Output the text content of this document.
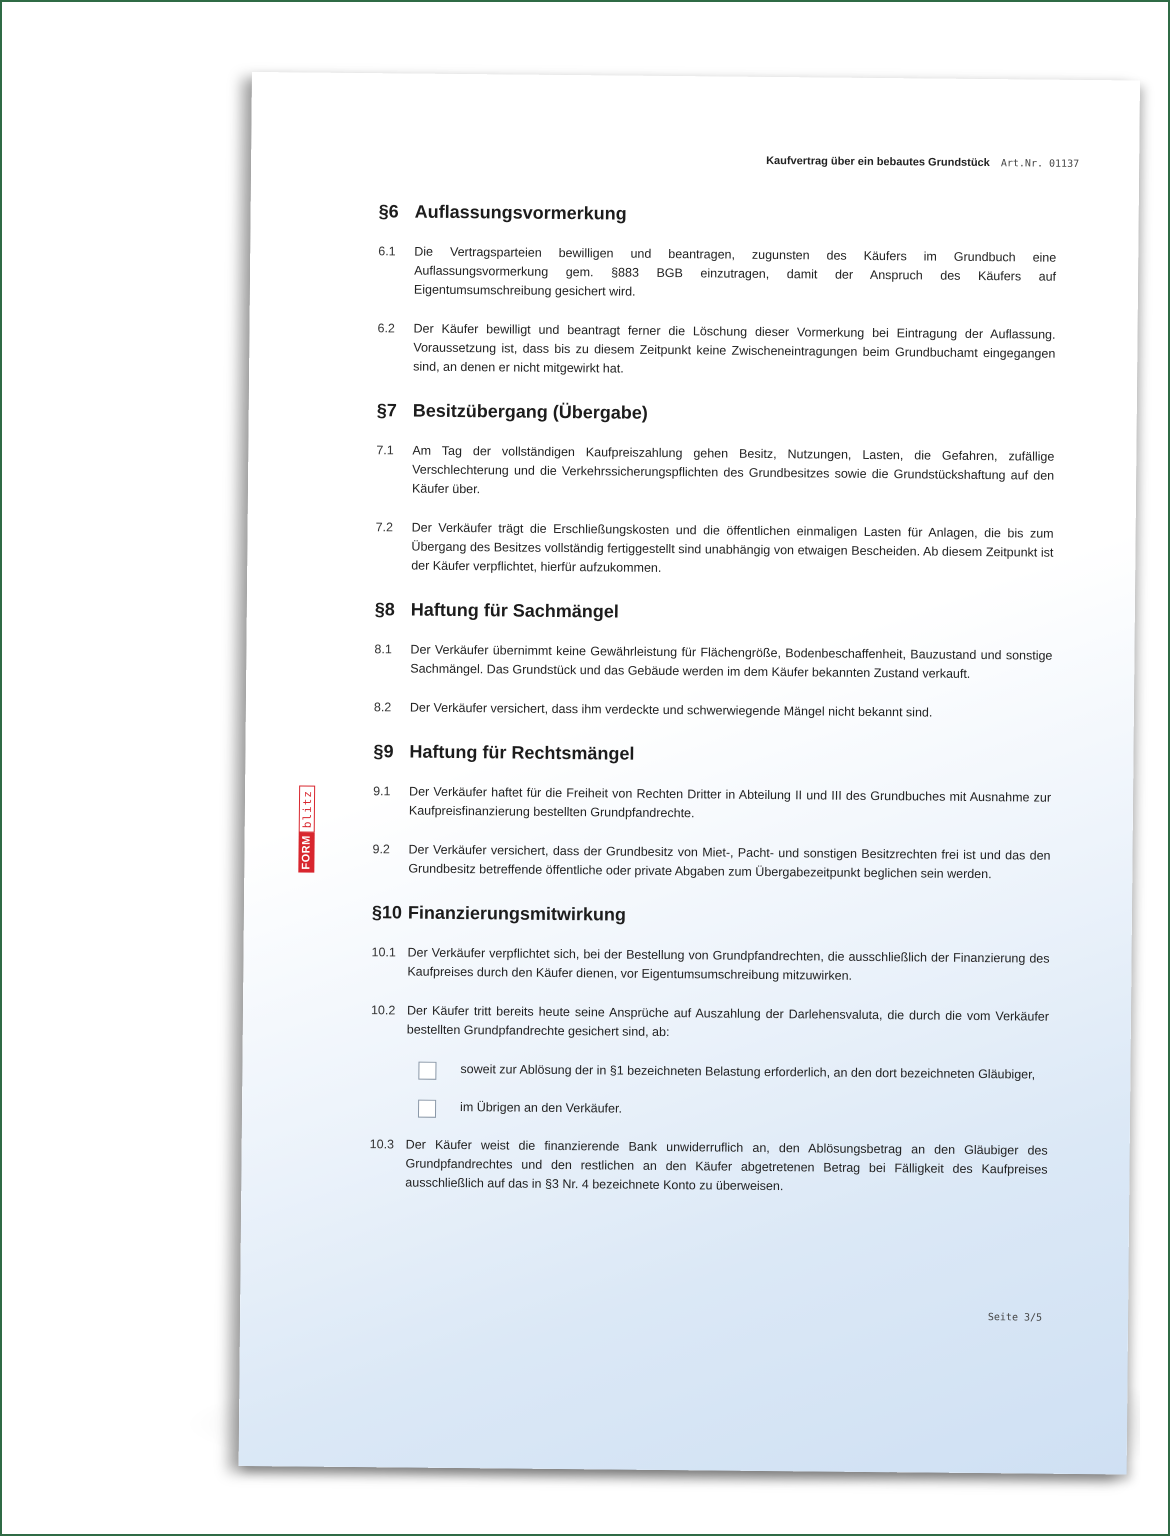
Kaufvertrag über ein bebautes Grundstück Art.Nr. 01137
FORM
blitz
§6 Auflassungsvormerkung
6.1	Die Vertragsparteien bewilligen und beantragen, zugunsten des Käufers im Grundbuch eine Auflassungsvormerkung gem. §883 BGB einzutragen, damit der Anspruch des Käufers auf Eigentumsumschreibung gesichert wird.
6.2	Der Käufer bewilligt und beantragt ferner die Löschung dieser Vormerkung bei Eintragung der Auflassung. Voraussetzung ist, dass bis zu diesem Zeitpunkt keine Zwischeneintragungen beim Grundbuchamt eingegangen sind, an denen er nicht mitgewirkt hat.
§7 Besitzübergang (Übergabe)
7.1	Am Tag der vollständigen Kaufpreiszahlung gehen Besitz, Nutzungen, Lasten, die Gefahren, zufällige Verschlechterung und die Verkehrssicherungspflichten des Grundbesitzes sowie die Grundstückshaftung auf den Käufer über.
7.2	Der Verkäufer trägt die Erschließungskosten und die öffentlichen einmaligen Lasten für Anlagen, die bis zum Übergang des Besitzes vollständig fertiggestellt sind unabhängig von etwaigen Bescheiden. Ab diesem Zeitpunkt ist der Käufer verpflichtet, hierfür aufzukommen.
§8 Haftung für Sachmängel
8.1	Der Verkäufer übernimmt keine Gewährleistung für Flächengröße, Bodenbeschaffenheit, Bauzustand und sonstige Sachmängel. Das Grundstück und das Gebäude werden im dem Käufer bekannten Zustand verkauft.
8.2	Der Verkäufer versichert, dass ihm verdeckte und schwerwiegende Mängel nicht bekannt sind.
§9 Haftung für Rechtsmängel
9.1	Der Verkäufer haftet für die Freiheit von Rechten Dritter in Abteilung II und III des Grundbuches mit Ausnahme zur Kaufpreisfinanzierung bestellten Grundpfandrechte.
9.2	Der Verkäufer versichert, dass der Grundbesitz von Miet-, Pacht- und sonstigen Besitzrechten frei ist und das den Grundbesitz betreffende öffentliche oder private Abgaben zum Übergabezeitpunkt beglichen sein werden.
§10 Finanzierungsmitwirkung
10.1 Der Verkäufer verpflichtet sich, bei der Bestellung von Grundpfandrechten, die ausschließlich der Finanzierung des Kaufpreises durch den Käufer dienen, vor Eigentumsumschreibung mitzuwirken.
10.2 Der Käufer tritt bereits heute seine Ansprüche auf Auszahlung der Darlehensvaluta, die durch die vom Verkäufer bestellten Grundpfandrechte gesichert sind, ab:
soweit zur Ablösung der in §1 bezeichneten Belastung erforderlich, an den dort bezeichneten Gläubiger,
im Übrigen an den Verkäufer.
10.3 Der Käufer weist die finanzierende Bank unwiderruflich an, den Ablösungsbetrag an den Gläubiger des Grundpfandrechtes und den restlichen an den Käufer abgetretenen Betrag bei Fälligkeit des Kaufpreises ausschließlich auf das in §3 Nr. 4 bezeichnete Konto zu überweisen.
Seite 3/5
